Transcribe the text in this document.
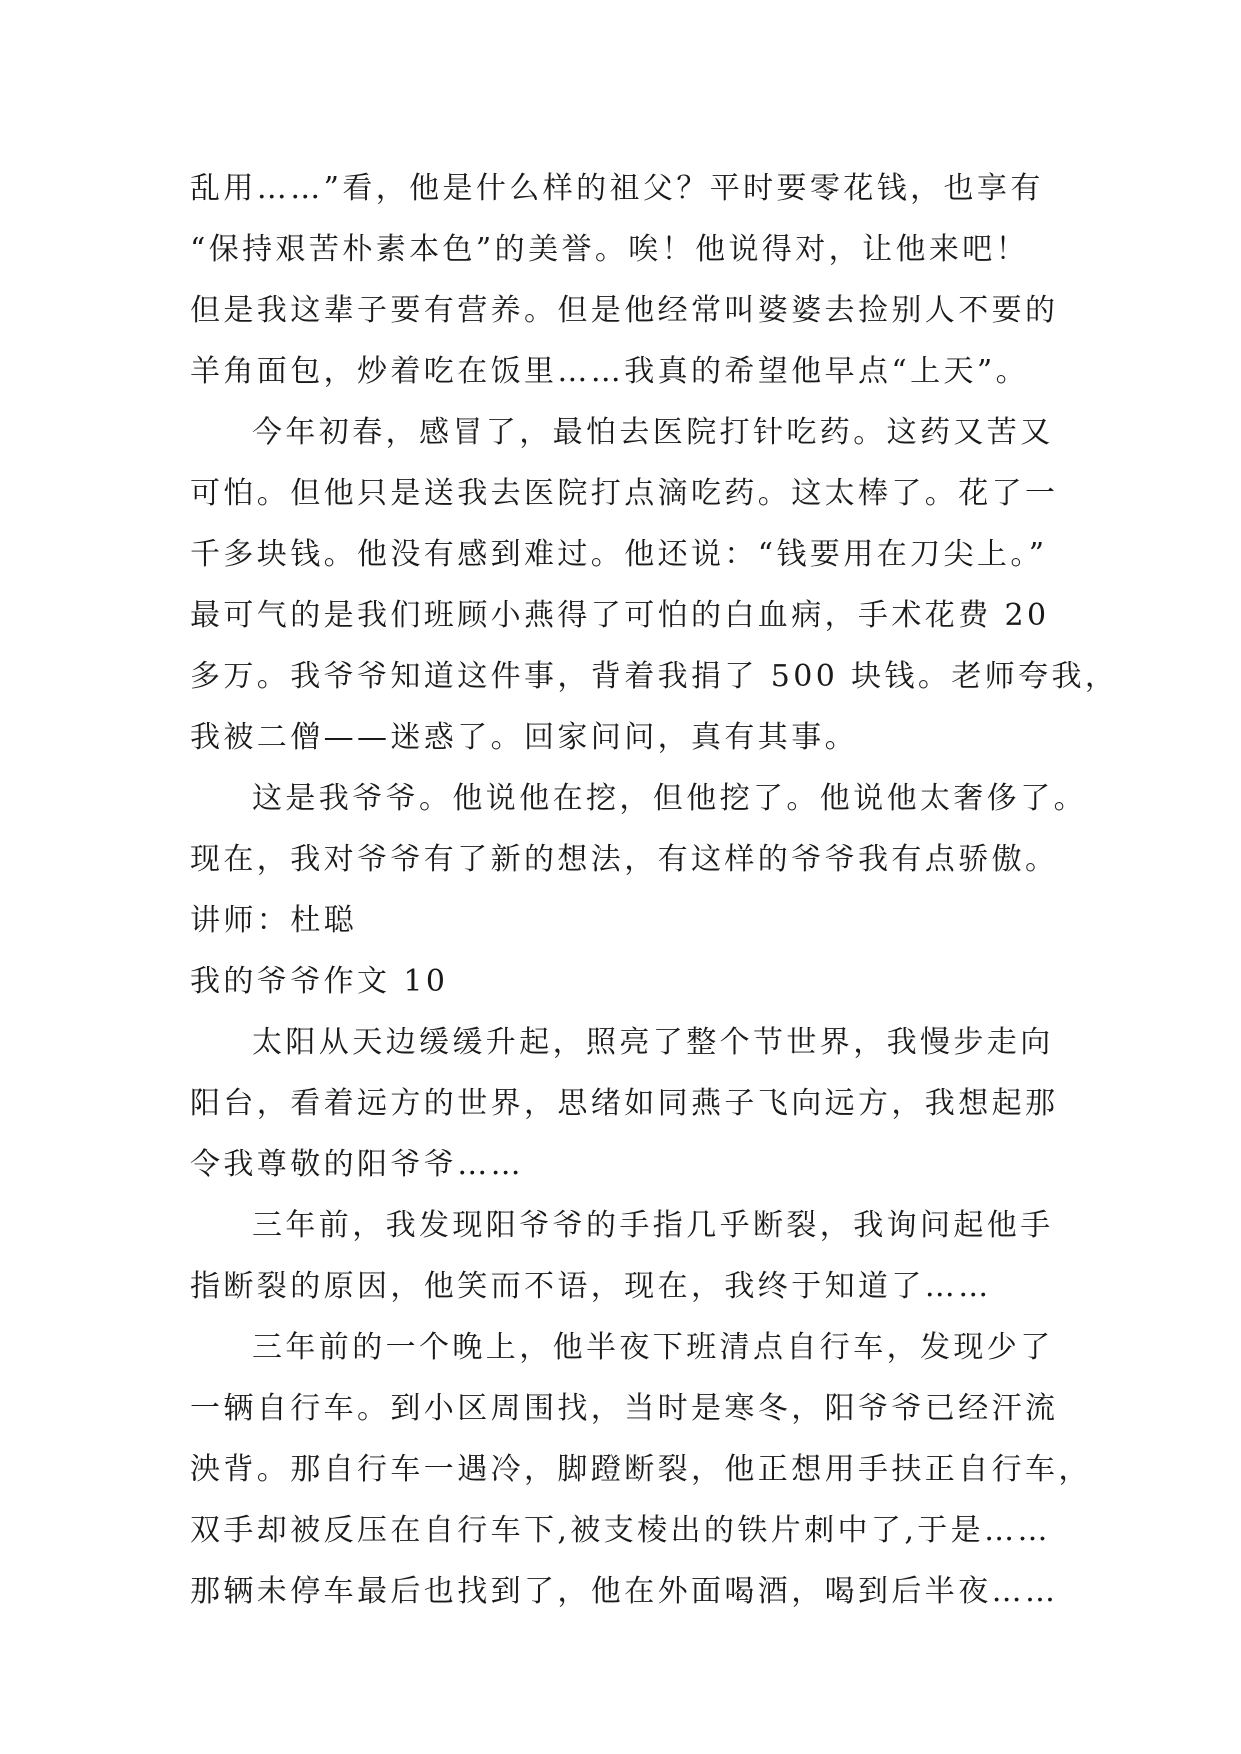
乱用……”看，他是什么样的祖父？平时要零花钱，也享有
“保持艰苦朴素本色”的美誉。唉！他说得对，让他来吧！
但是我这辈子要有营养。但是他经常叫婆婆去捡别人不要的
羊角面包，炒着吃在饭里……我真的希望他早点“上天”。
今年初春，感冒了，最怕去医院打针吃药。这药又苦又
可怕。但他只是送我去医院打点滴吃药。这太棒了。花了一
千多块钱。他没有感到难过。他还说：“钱要用在刀尖上。”
最可气的是我们班顾小燕得了可怕的白血病，手术花费 20
多万。我爷爷知道这件事，背着我捐了 500 块钱。老师夸我，
我被二僧——迷惑了。回家问问，真有其事。
这是我爷爷。他说他在挖，但他挖了。他说他太奢侈了。
现在，我对爷爷有了新的想法，有这样的爷爷我有点骄傲。
讲师：杜聪
我的爷爷作文 10
太阳从天边缓缓升起，照亮了整个节世界，我慢步走向
阳台，看着远方的世界，思绪如同燕子飞向远方，我想起那
令我尊敬的阳爷爷……
三年前，我发现阳爷爷的手指几乎断裂，我询问起他手
指断裂的原因，他笑而不语，现在，我终于知道了……
三年前的一个晚上，他半夜下班清点自行车，发现少了
一辆自行车。到小区周围找，当时是寒冬，阳爷爷已经汗流
泱背。那自行车一遇冷，脚蹬断裂，他正想用手扶正自行车，
双手却被反压在自行车下,被支棱出的铁片刺中了,于是……
那辆未停车最后也找到了，他在外面喝酒，喝到后半夜……
